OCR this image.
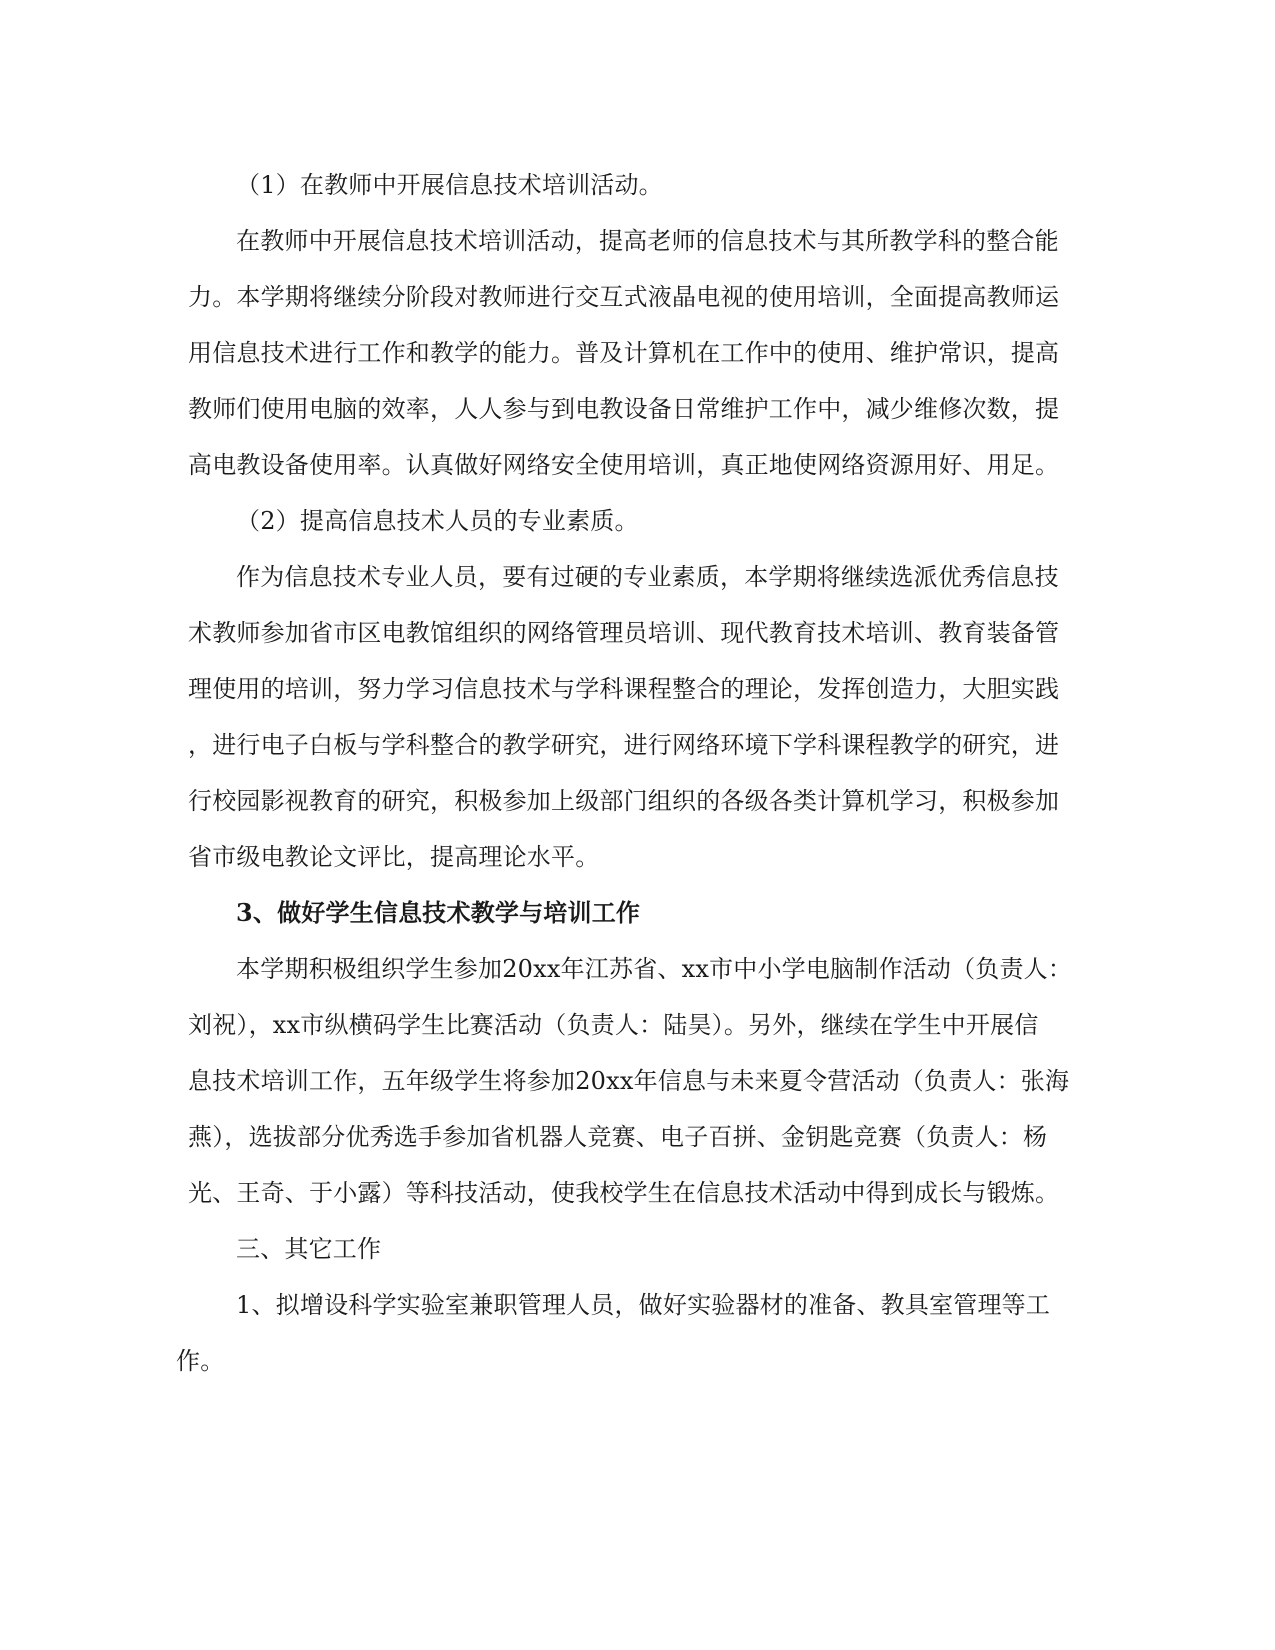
（1）在教师中开展信息技术培训活动。
在教师中开展信息技术培训活动，提高老师的信息技术与其所教学科的整合能
力。本学期将继续分阶段对教师进行交互式液晶电视的使用培训，全面提高教师运
用信息技术进行工作和教学的能力。普及计算机在工作中的使用、维护常识，提高
教师们使用电脑的效率，人人参与到电教设备日常维护工作中，减少维修次数，提
高电教设备使用率。认真做好网络安全使用培训，真正地使网络资源用好、用足。
（2）提高信息技术人员的专业素质。
作为信息技术专业人员，要有过硬的专业素质，本学期将继续选派优秀信息技
术教师参加省市区电教馆组织的网络管理员培训、现代教育技术培训、教育装备管
理使用的培训，努力学习信息技术与学科课程整合的理论，发挥创造力，大胆实践
，进行电子白板与学科整合的教学研究，进行网络环境下学科课程教学的研究，进
行校园影视教育的研究，积极参加上级部门组织的各级各类计算机学习，积极参加
省市级电教论文评比，提高理论水平。
3、做好学生信息技术教学与培训工作
本学期积极组织学生参加20xx年江苏省、xx市中小学电脑制作活动（负责人：
刘祝），xx市纵横码学生比赛活动（负责人：陆昊）。另外，继续在学生中开展信
息技术培训工作，五年级学生将参加20xx年信息与未来夏令营活动（负责人：张海
燕），选拔部分优秀选手参加省机器人竞赛、电子百拼、金钥匙竞赛（负责人：杨
光、王奇、于小露）等科技活动，使我校学生在信息技术活动中得到成长与锻炼。
三、其它工作
1、拟增设科学实验室兼职管理人员，做好实验器材的准备、教具室管理等工
作。
